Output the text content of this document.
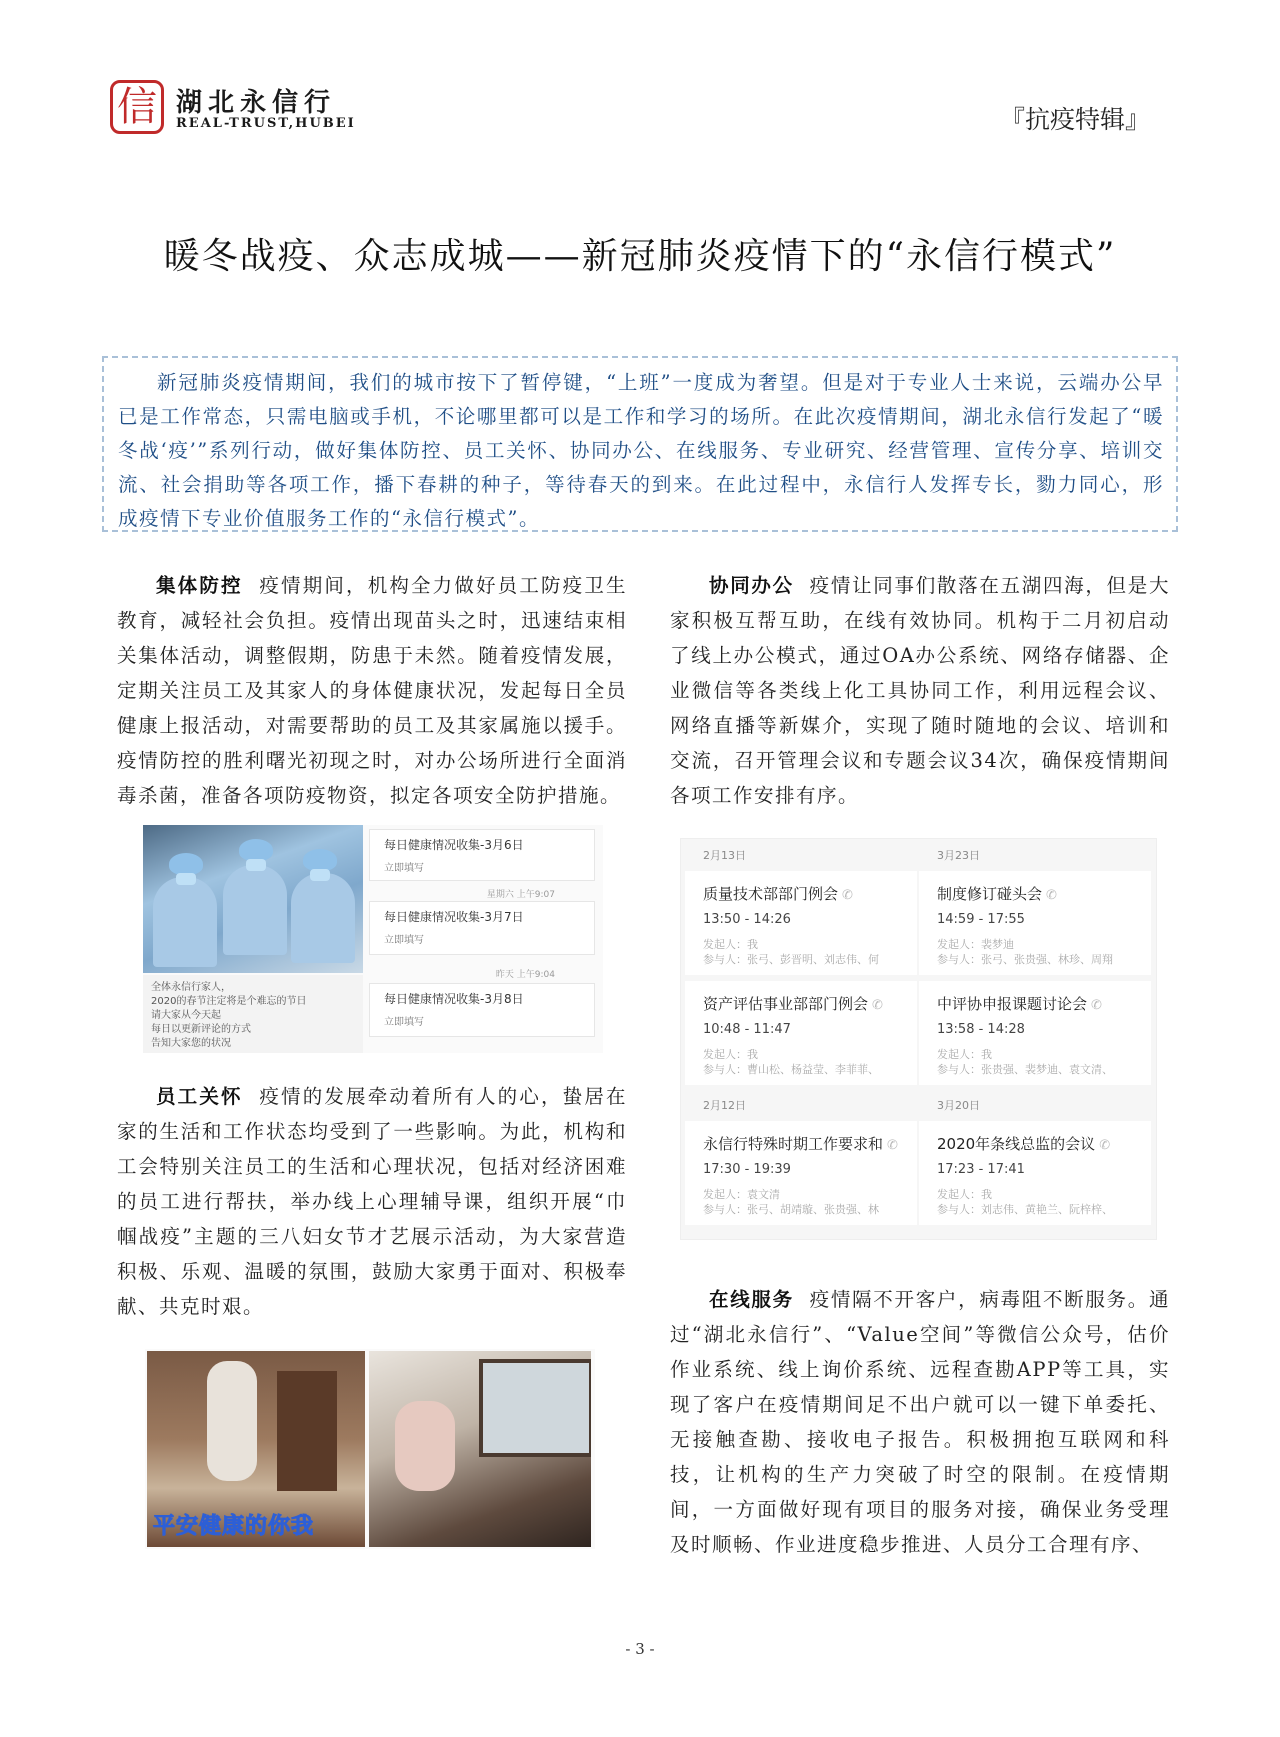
信 湖北永信行
REAL-TRUST,HUBEI	『抗疫特辑』
暖冬战疫、众志成城——新冠肺炎疫情下的“永信行模式”
新冠肺炎疫情期间，我们的城市按下了暂停键，“上班”一度成为奢望。但是对于专业人士来说，云端办公早已是工作常态，只需电脑或手机，不论哪里都可以是工作和学习的场所。在此次疫情期间，湖北永信行发起了“暖冬战‘疫’”系列行动，做好集体防控、员工关怀、协同办公、在线服务、专业研究、经营管理、宣传分享、培训交流、社会捐助等各项工作，播下春耕的种子，等待春天的到来。在此过程中，永信行人发挥专长，勠力同心，形成疫情下专业价值服务工作的“永信行模式”。
集体防控 疫情期间，机构全力做好员工防疫卫生教育，减轻社会负担。疫情出现苗头之时，迅速结束相关集体活动，调整假期，防患于未然。随着疫情发展，定期关注员工及其家人的身体健康状况，发起每日全员健康上报活动，对需要帮助的员工及其家属施以援手。疫情防控的胜利曙光初现之时，对办公场所进行全面消毒杀菌，准备各项防疫物资，拟定各项安全防护措施。
全体永信行家人，
2020的春节注定将是个难忘的节日
请大家从今天起
每日以更新评论的方式
告知大家您的状况
每日健康情况收集-3月6日
立即填写
星期六 上午9:07
每日健康情况收集-3月7日
立即填写
昨天 上午9:04
每日健康情况收集-3月8日
立即填写
员工关怀 疫情的发展牵动着所有人的心，蛰居在家的生活和工作状态均受到了一些影响。为此，机构和工会特别关注员工的生活和心理状况，包括对经济困难的员工进行帮扶，举办线上心理辅导课，组织开展“巾帼战疫”主题的三八妇女节才艺展示活动，为大家营造积极、乐观、温暖的氛围，鼓励大家勇于面对、积极奉献、共克时艰。
平安健康的你我
协同办公 疫情让同事们散落在五湖四海，但是大家积极互帮互助，在线有效协同。机构于二月初启动了线上办公模式，通过OA办公系统、网络存储器、企业微信等各类线上化工具协同工作，利用远程会议、网络直播等新媒介，实现了随时随地的会议、培训和交流，召开管理会议和专题会议34次，确保疫情期间各项工作安排有序。
2月13日
质量技术部部门例会 ✆
13:50 - 14:26
发起人：我
参与人：张弓、彭晋明、刘志伟、何
资产评估事业部部门例会 ✆
10:48 - 11:47
发起人：我
参与人：曹山松、杨益莹、李菲菲、
2月12日
永信行特殊时期工作要求和 ✆
17:30 - 19:39
发起人：袁文清
参与人：张弓、胡靖璇、张贵强、林
3月23日
制度修订碰头会 ✆
14:59 - 17:55
发起人：裴梦迪
参与人：张弓、张贵强、林珍、周翔
中评协申报课题讨论会 ✆
13:58 - 14:28
发起人：我
参与人：张贵强、裴梦迪、袁文清、
3月20日
2020年条线总监的会议 ✆
17:23 - 17:41
发起人：我
参与人：刘志伟、黄艳兰、阮梓梓、
在线服务 疫情隔不开客户，病毒阻不断服务。通过“湖北永信行”、“Value空间”等微信公众号，估价作业系统、线上询价系统、远程查勘APP等工具，实现了客户在疫情期间足不出户就可以一键下单委托、无接触查勘、接收电子报告。积极拥抱互联网和科技，让机构的生产力突破了时空的限制。在疫情期间，一方面做好现有项目的服务对接，确保业务受理及时顺畅、作业进度稳步推进、人员分工合理有序、
- 3 -
